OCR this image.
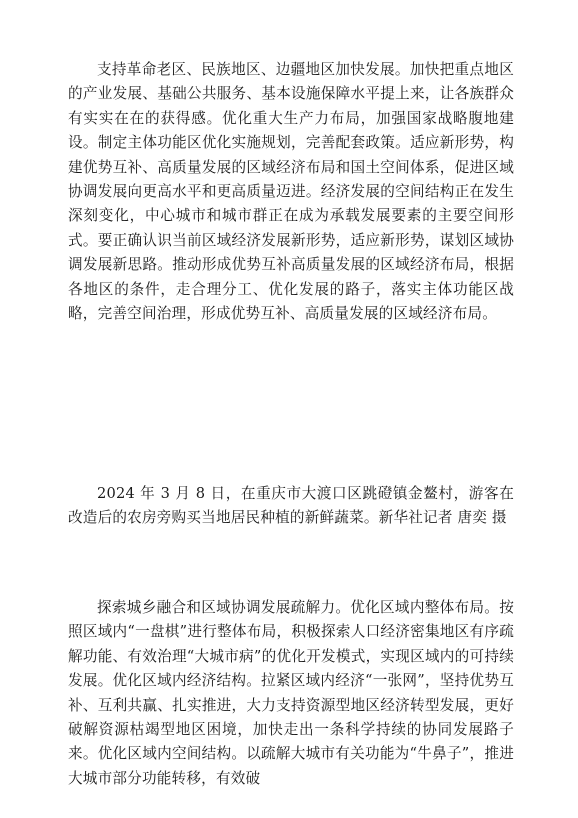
支持革命老区、民族地区、边疆地区加快发展。加快把重点地区的产业发展、基础公共服务、基本设施保障水平提上来，让各族群众有实实在在的获得感。优化重大生产力布局，加强国家战略腹地建设。制定主体功能区优化实施规划，完善配套政策。适应新形势，构建优势互补、高质量发展的区域经济布局和国土空间体系，促进区域协调发展向更高水平和更高质量迈进。经济发展的空间结构正在发生深刻变化，中心城市和城市群正在成为承载发展要素的主要空间形式。要正确认识当前区域经济发展新形势，适应新形势，谋划区域协调发展新思路。推动形成优势互补高质量发展的区域经济布局，根据各地区的条件，走合理分工、优化发展的路子，落实主体功能区战略，完善空间治理，形成优势互补、高质量发展的区域经济布局。

2024 年 3 月 8 日，在重庆市大渡口区跳磴镇金鳌村，游客在改造后的农房旁购买当地居民种植的新鲜蔬菜。新华社记者 唐奕 摄

探索城乡融合和区域协调发展疏解力。优化区域内整体布局。按照区域内“一盘棋”进行整体布局，积极探索人口经济密集地区有序疏解功能、有效治理“大城市病”的优化开发模式，实现区域内的可持续发展。优化区域内经济结构。拉紧区域内经济“一张网”，坚持优势互补、互利共赢、扎实推进，大力支持资源型地区经济转型发展，更好破解资源枯竭型地区困境，加快走出一条科学持续的协同发展路子来。优化区域内空间结构。以疏解大城市有关功能为“牛鼻子”，推进大城市部分功能转移，有效破
